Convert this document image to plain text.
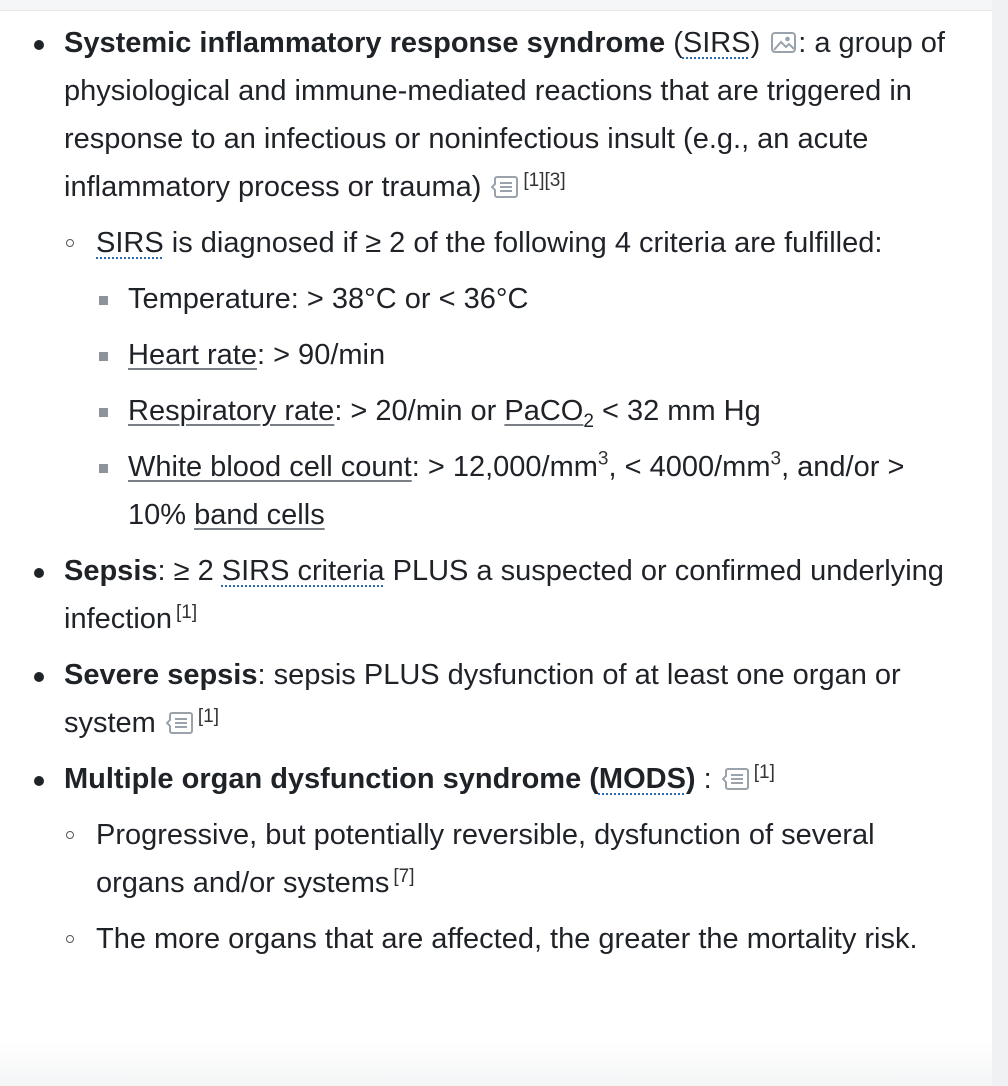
Systemic inflammatory response syndrome (SIRS) : a group of physiological and immune-mediated reactions that are triggered in response to an infectious or noninfectious insult (e.g., an acute inflammatory process or trauma) [1][3]
SIRS is diagnosed if ≥ 2 of the following 4 criteria are fulfilled:
Temperature: > 38°C or < 36°C
Heart rate: > 90/min
Respiratory rate: > 20/min or PaCO$_2$ < 32 mm Hg
White blood cell count: > $12,000/mm^3$, < $4000/mm^3$, and/or > 10% band cells
Sepsis: ≥ 2 SIRS criteria PLUS a suspected or confirmed underlying infection [1]
Severe sepsis: sepsis PLUS dysfunction of at least one organ or system [1]
Multiple organ dysfunction syndrome (MODS) : [1]
Progressive, but potentially reversible, dysfunction of several organs and/or systems [7]
The more organs that are affected, the greater the mortality risk.
